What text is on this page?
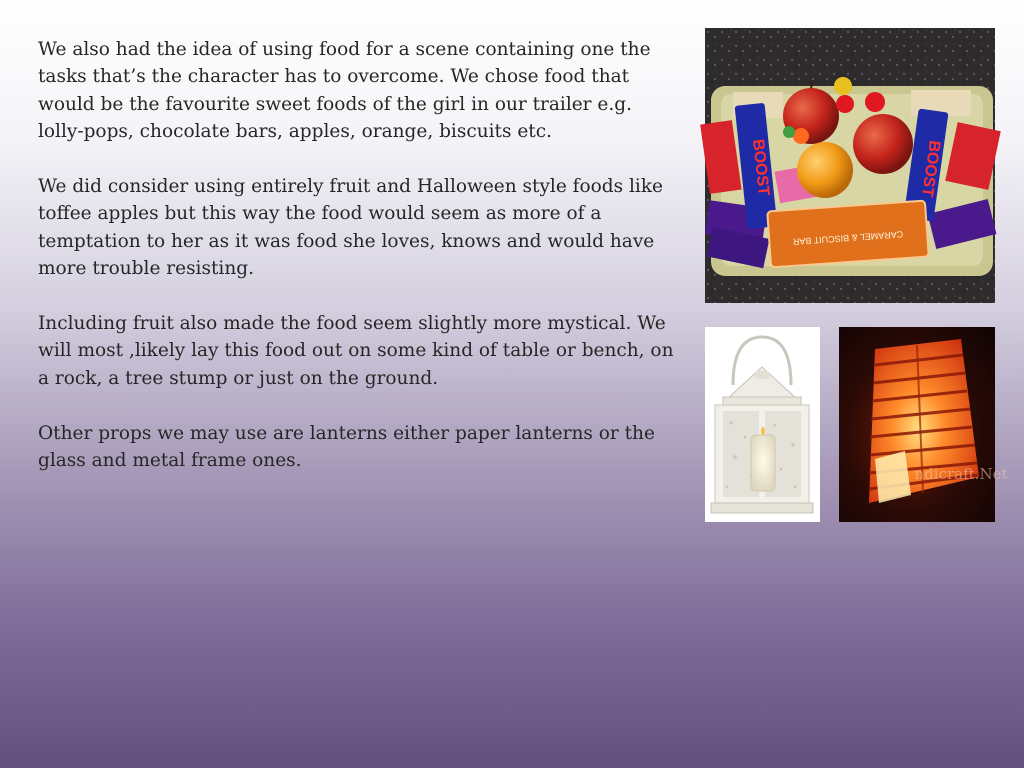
We also had the idea of using food for a scene containing one the tasks that’s the character has to overcome. We chose food that would be the favourite sweet foods of the girl in our trailer e.g. lolly-pops, chocolate bars, apples, orange, biscuits etc.

We did consider using entirely fruit and Halloween style foods like toffee apples but this way the food would seem as more of a temptation to her as it was food she loves, knows and would have more trouble resisting.

Including fruit also made the food seem slightly more mystical. We will most ,likely lay this food out on some kind of table or bench, on a rock, a tree stump or just on the ground.

Other props we may use are lanterns either paper lanterns or the glass and metal frame ones.

BOOST	BOOST
CARAMEL & BISCUIT BAR
ndicraft.Net
